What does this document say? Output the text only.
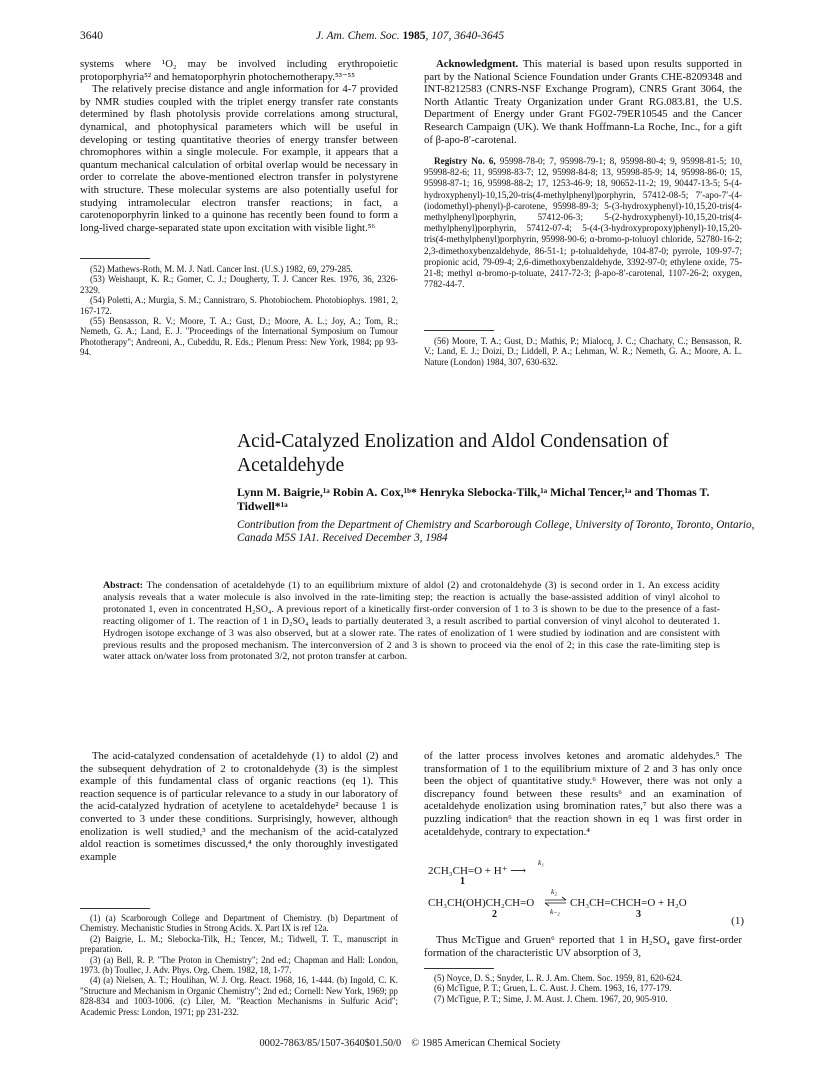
3640	J. Am. Chem. Soc. 1985, 107, 3640-3645

systems where ¹O₂ may be involved including erythropoietic protoporphyria⁵² and hematoporphyrin photochemotherapy.⁵³⁻⁵⁵

The relatively precise distance and angle information for 4-7 provided by NMR studies coupled with the triplet energy transfer rate constants determined by flash photolysis provide correlations among structural, dynamical, and photophysical parameters which will be useful in developing or testing quantitative theories of energy transfer between chromophores within a single molecule. For example, it appears that a quantum mechanical calculation of orbital overlap would be necessary in order to correlate the above-mentioned electron transfer in polystyrene with structure. These molecular systems are also potentially useful for studying intramolecular electron transfer reactions; in fact, a carotenoporphyrin linked to a quinone has recently been found to form a long-lived charge-separated state upon excitation with visible light.⁵⁶

(52) Mathews-Roth, M. M. J. Natl. Cancer Inst. (U.S.) 1982, 69, 279-285.

(53) Weishaupt, K. R.; Gomer, C. J.; Dougherty, T. J. Cancer Res. 1976, 36, 2326-2329.

(54) Poletti, A.; Murgia, S. M.; Cannistraro, S. Photobiochem. Photobiophys. 1981, 2, 167-172.

(55) Bensasson, R. V.; Moore, T. A.; Gust, D.; Moore, A. L.; Joy, A.; Tom, R.; Nemeth, G. A.; Land, E. J. "Proceedings of the International Symposium on Tumour Phototherapy"; Andreoni, A., Cubeddu, R. Eds.; Plenum Press: New York, 1984; pp 93-94.

Acknowledgment. This material is based upon results supported in part by the National Science Foundation under Grants CHE-8209348 and INT-8212583 (CNRS-NSF Exchange Program), CNRS Grant 3064, the North Atlantic Treaty Organization under Grant RG.083.81, the U.S. Department of Energy under Grant FG02-79ER10545 and the Cancer Research Campaign (UK). We thank Hoffmann-La Roche, Inc., for a gift of β-apo-8′-carotenal.

Registry No. 6, 95998-78-0; 7, 95998-79-1; 8, 95998-80-4; 9, 95998-81-5; 10, 95998-82-6; 11, 95998-83-7; 12, 95998-84-8; 13, 95998-85-9; 14, 95998-86-0; 15, 95998-87-1; 16, 95998-88-2; 17, 1253-46-9; 18, 90652-11-2; 19, 90447-13-5; 5-(4-hydroxyphenyl)-10,15,20-tris(4-methylphenyl)porphyrin, 57412-08-5; 7′-apo-7′-(4-(iodomethyl)-phenyl)-β-carotene, 95998-89-3; 5-(3-hydroxyphenyl)-10,15,20-tris(4-methylphenyl)porphyrin, 57412-06-3; 5-(2-hydroxyphenyl)-10,15,20-tris(4-methylphenyl)porphyrin, 57412-07-4; 5-(4-(3-hydroxypropoxy)phenyl)-10,15,20-tris(4-methylphenyl)porphyrin, 95998-90-6; α-bromo-p-toluoyl chloride, 52780-16-2; 2,3-dimethoxybenzaldehyde, 86-51-1; p-tolualdehyde, 104-87-0; pyrrole, 109-97-7; propionic acid, 79-09-4; 2,6-dimethoxybenzaldehyde, 3392-97-0; ethylene oxide, 75-21-8; methyl α-bromo-p-toluate, 2417-72-3; β-apo-8′-carotenal, 1107-26-2; oxygen, 7782-44-7.

(56) Moore, T. A.; Gust, D.; Mathis, P.; Mialocq, J. C.; Chachaty, C.; Bensasson, R. V.; Land, E. J.; Doizi, D.; Liddell, P. A.; Lehman, W. R.; Nemeth, G. A.; Moore, A. L. Nature (London) 1984, 307, 630-632.

Acid-Catalyzed Enolization and Aldol Condensation of Acetaldehyde
Lynn M. Baigrie,¹ᵃ Robin A. Cox,¹ᵇ* Henryka Slebocka-Tilk,¹ᵃ Michal Tencer,¹ᵃ and Thomas T. Tidwell*¹ᵃ
Contribution from the Department of Chemistry and Scarborough College, University of Toronto, Toronto, Ontario, Canada M5S 1A1. Received December 3, 1984
Abstract: The condensation of acetaldehyde (1) to an equilibrium mixture of aldol (2) and crotonaldehyde (3) is second order in 1. An excess acidity analysis reveals that a water molecule is also involved in the rate-limiting step; the reaction is actually the base-assisted addition of vinyl alcohol to protonated 1, even in concentrated H₂SO₄. A previous report of a kinetically first-order conversion of 1 to 3 is shown to be due to the presence of a fast-reacting oligomer of 1. The reaction of 1 in D₂SO₄ leads to partially deuterated 3, a result ascribed to partial conversion of vinyl alcohol to deuterated 1. Hydrogen isotope exchange of 3 was also observed, but at a slower rate. The rates of enolization of 1 were studied by iodination and are consistent with previous results and the proposed mechanism. The interconversion of 2 and 3 is shown to proceed via the enol of 2; in this case the rate-limiting step is water attack on/water loss from protonated 3/2, not proton transfer at carbon.

The acid-catalyzed condensation of acetaldehyde (1) to aldol (2) and the subsequent dehydration of 2 to crotonaldehyde (3) is the simplest example of this fundamental class of organic reactions (eq 1). This reaction sequence is of particular relevance to a study in our laboratory of the acid-catalyzed hydration of acetylene to acetaldehyde² because 1 is converted to 3 under these conditions. Surprisingly, however, although enolization is well studied,³ and the mechanism of the acid-catalyzed aldol reaction is sometimes discussed,⁴ the only thoroughly investigated example

(1) (a) Scarborough College and Department of Chemistry. (b) Department of Chemistry. Mechanistic Studies in Strong Acids. X. Part IX is ref 12a.

(2) Baigrie, L. M.; Slebocka-Tilk, H.; Tencer, M.; Tidwell, T. T., manuscript in preparation.

(3) (a) Bell, R. P. "The Proton in Chemistry"; 2nd ed.; Chapman and Hall: London, 1973. (b) Toullec, J. Adv. Phys. Org. Chem. 1982, 18, 1-77.

(4) (a) Nielsen, A. T.; Houlihan, W. J. Org. React. 1968, 16, 1-444. (b) Ingold, C. K. "Structure and Mechanism in Organic Chemistry"; 2nd ed.; Cornell: New York, 1969; pp 828-834 and 1003-1006. (c) Liler, M. "Reaction Mechanisms in Sulfuric Acid"; Academic Press: London, 1971; pp 231-232.

of the latter process involves ketones and aromatic aldehydes.⁵ The transformation of 1 to the equilibrium mixture of 2 and 3 has only once been the object of quantitative study.⁶ However, there was not only a discrepancy found between these results⁶ and an examination of acetaldehyde enolization using bromination rates,⁷ but also there was a puzzling indication⁶ that the reaction shown in eq 1 was first order in acetaldehyde, contrary to expectation.⁴

2CH₃CH=O + H⁺ ⟶
k₁
1
CH₃CH(OH)CH₂CH=O
k₂
k₋₂
CH₃CH=CHCH=O + H₂O
2	3
(1)

Thus McTigue and Gruen⁶ reported that 1 in H₂SO₄ gave first-order formation of the characteristic UV absorption of 3,

(5) Noyce, D. S.; Snyder, L. R. J. Am. Chem. Soc. 1959, 81, 620-624.

(6) McTigue, P. T.; Gruen, L. C. Aust. J. Chem. 1963, 16, 177-179.

(7) McTigue, P. T.; Sime, J. M. Aust. J. Chem. 1967, 20, 905-910.

0002-7863/85/1507-3640$01.50/0 © 1985 American Chemical Society
